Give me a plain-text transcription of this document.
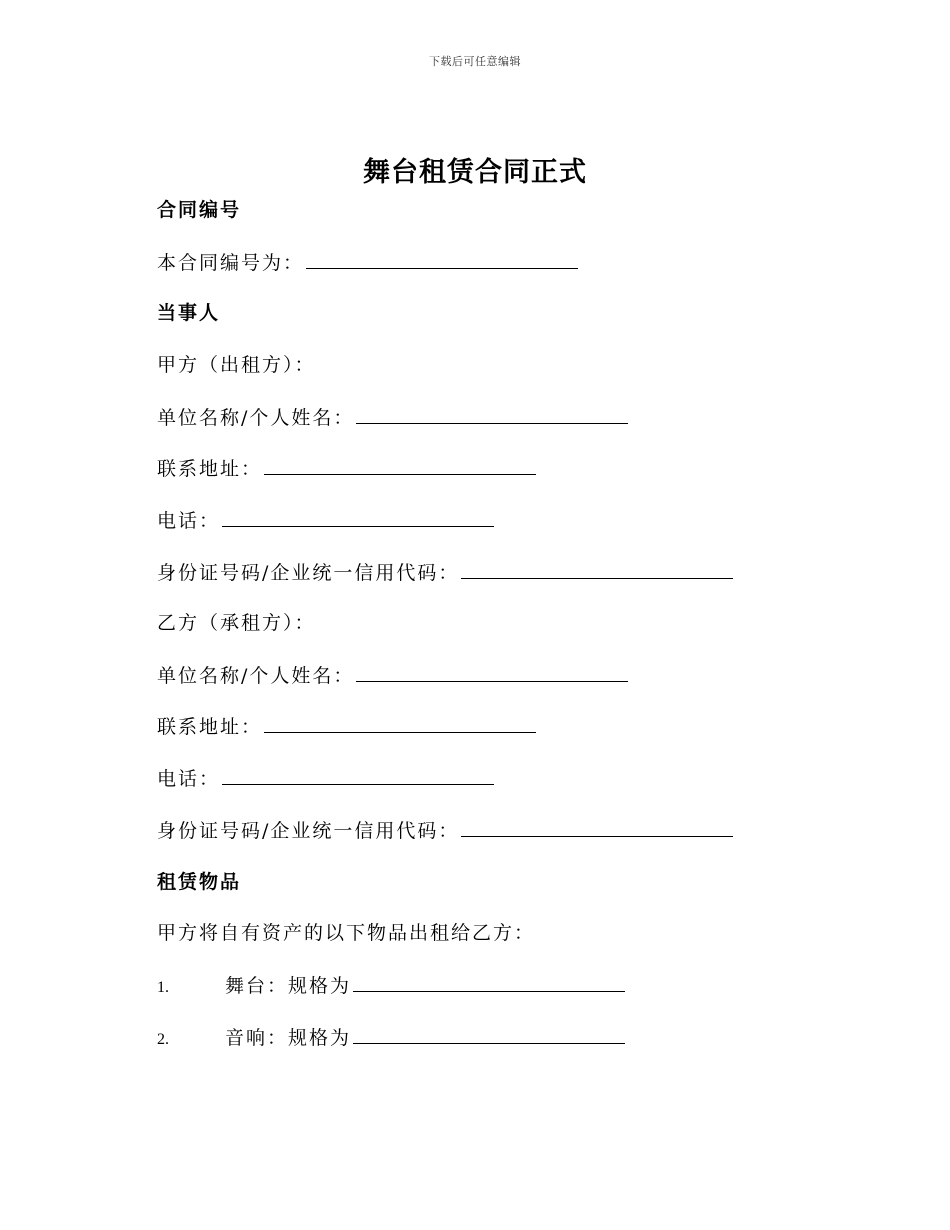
下载后可任意编辑
舞台租赁合同正式
合同编号
本合同编号为：
当事人
甲方（出租方）：
单位名称/个人姓名：
联系地址：
电话：
身份证号码/企业统一信用代码：
乙方（承租方）：
单位名称/个人姓名：
联系地址：
电话：
身份证号码/企业统一信用代码：
租赁物品
甲方将自有资产的以下物品出租给乙方：
1.	舞台：规格为
2.	音响：规格为
